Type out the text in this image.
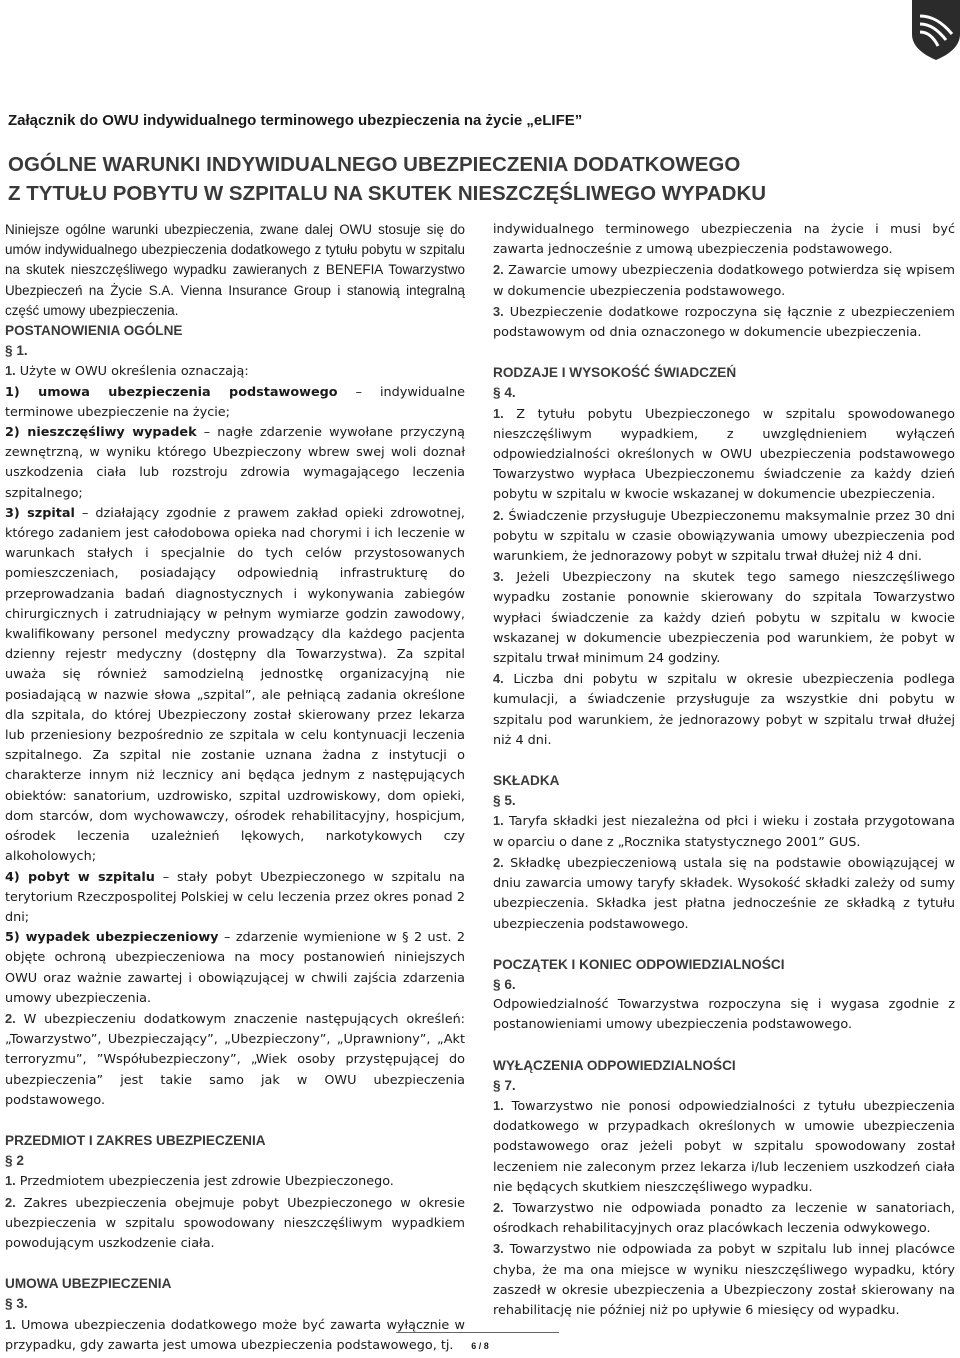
Załącznik do OWU indywidualnego terminowego ubezpieczenia na życie „eLIFE”
OGÓLNE WARUNKI INDYWIDUALNEGO UBEZPIECZENIA DODATKOWEGO
Z TYTUŁU POBYTU W SZPITALU NA SKUTEK NIESZCZĘŚLIWEGO WYPADKU

Niniejsze ogólne warunki ubezpieczenia, zwane dalej OWU stosuje się do umów indywidualnego ubezpieczenia dodatkowego z tytułu pobytu w szpitalu na skutek nieszczęśliwego wypadku zawieranych z BENEFIA Towarzystwo Ubezpieczeń na Życie S.A. Vienna Insurance Group i stanowią integralną część umowy ubezpieczenia.

POSTANOWIENIA OGÓLNE

§ 1.

1. Użyte w OWU określenia oznaczają:

1) umowa ubezpieczenia podstawowego – indywidualne terminowe ubezpieczenie na życie;

2) nieszczęśliwy wypadek – nagłe zdarzenie wywołane przyczyną zewnętrzną, w wyniku którego Ubezpieczony wbrew swej woli doznał uszkodzenia ciała lub rozstroju zdrowia wymagającego leczenia szpitalnego;

3) szpital – działający zgodnie z prawem zakład opieki zdrowotnej, którego zadaniem jest całodobowa opieka nad chorymi i ich leczenie w warunkach stałych i specjalnie do tych celów przystosowanych pomieszczeniach, posiadający odpowiednią infrastrukturę do przeprowadzania badań diagnostycznych i wykonywania zabiegów chirurgicznych i zatrudniający w pełnym wymiarze godzin zawodowy, kwalifikowany personel medyczny prowadzący dla każdego pacjenta dzienny rejestr medyczny (dostępny dla Towarzystwa). Za szpital uważa się również samodzielną jednostkę organizacyjną nie posiadającą w nazwie słowa „szpital”, ale pełniącą zadania określone dla szpitala, do której Ubezpieczony został skierowany przez lekarza lub przeniesiony bezpośrednio ze szpitala w celu kontynuacji leczenia szpitalnego. Za szpital nie zostanie uznana żadna z instytucji o charakterze innym niż lecznicy ani będąca jednym z następujących obiektów: sanatorium, uzdrowisko, szpital uzdrowiskowy, dom opieki, dom starców, dom wychowawczy, ośrodek rehabilitacyjny, hospicjum, ośrodek leczenia uzależnień lękowych, narkotykowych czy alkoholowych;

4) pobyt w szpitalu – stały pobyt Ubezpieczonego w szpitalu na terytorium Rzeczpospolitej Polskiej w celu leczenia przez okres ponad 2 dni;

5) wypadek ubezpieczeniowy – zdarzenie wymienione w § 2 ust. 2 objęte ochroną ubezpieczeniowa na mocy postanowień niniejszych OWU oraz ważnie zawartej i obowiązującej w chwili zajścia zdarzenia umowy ubezpieczenia.

2. W ubezpieczeniu dodatkowym znaczenie następujących określeń: „Towarzystwo”, Ubezpieczający”, „Ubezpieczony”, „Uprawniony”, „Akt terroryzmu”, ”Współubezpieczony”, „Wiek osoby przystępującej do ubezpieczenia” jest takie samo jak w OWU ubezpieczenia podstawowego.

PRZEDMIOT I ZAKRES UBEZPIECZENIA

§ 2

1. Przedmiotem ubezpieczenia jest zdrowie Ubezpieczonego.

2. Zakres ubezpieczenia obejmuje pobyt Ubezpieczonego w okresie ubezpieczenia w szpitalu spowodowany nieszczęśliwym wypadkiem powodującym uszkodzenie ciała.

UMOWA UBEZPIECZENIA

§ 3.

1. Umowa ubezpieczenia dodatkowego może być zawarta wyłącznie w przypadku, gdy zawarta jest umowa ubezpieczenia podstawowego, tj.

indywidualnego terminowego ubezpieczenia na życie i musi być zawarta jednocześnie z umową ubezpieczenia podstawowego.

2. Zawarcie umowy ubezpieczenia dodatkowego potwierdza się wpisem w dokumencie ubezpieczenia podstawowego.

3. Ubezpieczenie dodatkowe rozpoczyna się łącznie z ubezpieczeniem podstawowym od dnia oznaczonego w dokumencie ubezpieczenia.

RODZAJE I WYSOKOŚĆ ŚWIADCZEŃ

§ 4.

1. Z tytułu pobytu Ubezpieczonego w szpitalu spowodowanego nieszczęśliwym wypadkiem, z uwzględnieniem wyłączeń odpowiedzialności określonych w OWU ubezpieczenia podstawowego Towarzystwo wypłaca Ubezpieczonemu świadczenie za każdy dzień pobytu w szpitalu w kwocie wskazanej w dokumencie ubezpieczenia.

2. Świadczenie przysługuje Ubezpieczonemu maksymalnie przez 30 dni pobytu w szpitalu w czasie obowiązywania umowy ubezpieczenia pod warunkiem, że jednorazowy pobyt w szpitalu trwał dłużej niż 4 dni.

3. Jeżeli Ubezpieczony na skutek tego samego nieszczęśliwego wypadku zostanie ponownie skierowany do szpitala Towarzystwo wypłaci świadczenie za każdy dzień pobytu w szpitalu w kwocie wskazanej w dokumencie ubezpieczenia pod warunkiem, że pobyt w szpitalu trwał minimum 24 godziny.

4. Liczba dni pobytu w szpitalu w okresie ubezpieczenia podlega kumulacji, a świadczenie przysługuje za wszystkie dni pobytu w szpitalu pod warunkiem, że jednorazowy pobyt w szpitalu trwał dłużej niż 4 dni.

SKŁADKA

§ 5.

1. Taryfa składki jest niezależna od płci i wieku i została przygotowana w oparciu o dane z „Rocznika statystycznego 2001” GUS.

2. Składkę ubezpieczeniową ustala się na podstawie obowiązującej w dniu zawarcia umowy taryfy składek. Wysokość składki zależy od sumy ubezpieczenia. Składka jest płatna jednocześnie ze składką z tytułu ubezpieczenia podstawowego.

POCZĄTEK I KONIEC ODPOWIEDZIALNOŚCI

§ 6.

Odpowiedzialność Towarzystwa rozpoczyna się i wygasa zgodnie z postanowieniami umowy ubezpieczenia podstawowego.

WYŁĄCZENIA ODPOWIEDZIALNOŚCI

§ 7.

1. Towarzystwo nie ponosi odpowiedzialności z tytułu ubezpieczenia dodatkowego w przypadkach określonych w umowie ubezpieczenia podstawowego oraz jeżeli pobyt w szpitalu spowodowany został leczeniem nie zaleconym przez lekarza i/lub leczeniem uszkodzeń ciała nie będących skutkiem nieszczęśliwego wypadku.

2. Towarzystwo nie odpowiada ponadto za leczenie w sanatoriach, ośrodkach rehabilitacyjnych oraz placówkach leczenia odwykowego.

3. Towarzystwo nie odpowiada za pobyt w szpitalu lub innej placówce chyba, że ma ona miejsce w wyniku nieszczęśliwego wypadku, który zaszedł w okresie ubezpieczenia a Ubezpieczony został skierowany na rehabilitację nie później niż po upływie 6 miesięcy od wypadku.

6 / 8
